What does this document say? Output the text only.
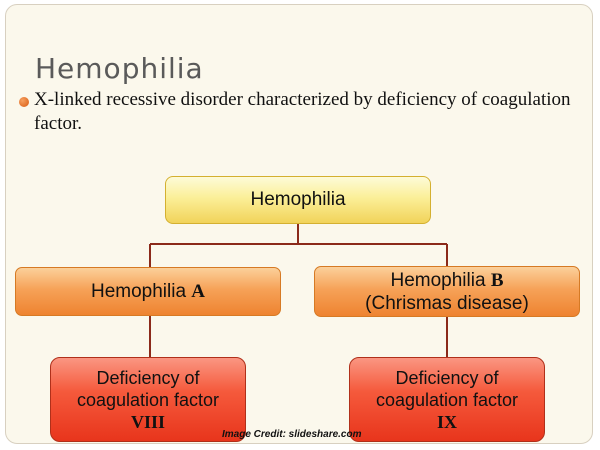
Hemophilia

X-linked recessive disorder characterized by deficiency of coagulation factor.

Hemophilia
Hemophilia A
Hemophilia B
(Chrismas disease)
Deficiency of
coagulation factor
VIII
Deficiency of
coagulation factor
IX

Image Credit: slideshare.com
